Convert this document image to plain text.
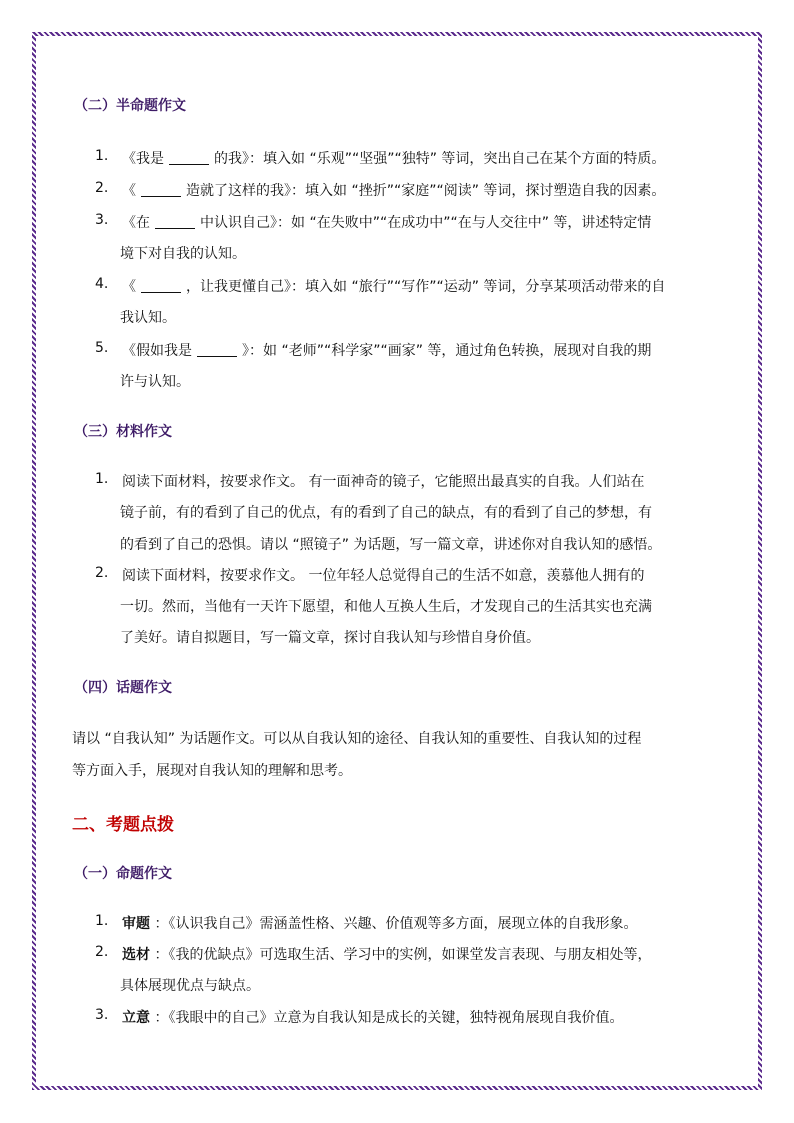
（二）半命题作文
1. 《我是	的我》：填入如 “乐观”“坚强”“独特” 等词，突出自己在某个方面的特质。
2. 《	造就了这样的我》：填入如 “挫折”“家庭”“阅读” 等词，探讨塑造自我的因素。
3. 《在	中认识自己》：如 “在失败中”“在成功中”“在与人交往中” 等，讲述特定情
境下对自我的认知。
4. 《	，让我更懂自己》：填入如 “旅行”“写作”“运动” 等词，分享某项活动带来的自
我认知。
5. 《假如我是	》：如 “老师”“科学家”“画家” 等，通过角色转换，展现对自我的期
许与认知。
（三）材料作文
1. 阅读下面材料，按要求作文。 有一面神奇的镜子，它能照出最真实的自我。人们站在
镜子前，有的看到了自己的优点，有的看到了自己的缺点，有的看到了自己的梦想，有
的看到了自己的恐惧。请以 “照镜子” 为话题，写一篇文章，讲述你对自我认知的感悟。
2. 阅读下面材料，按要求作文。 一位年轻人总觉得自己的生活不如意，羡慕他人拥有的
一切。然而，当他有一天许下愿望，和他人互换人生后，才发现自己的生活其实也充满
了美好。请自拟题目，写一篇文章，探讨自我认知与珍惜自身价值。
（四）话题作文
请以 “自我认知” 为话题作文。可以从自我认知的途径、自我认知的重要性、自我认知的过程
等方面入手，展现对自我认知的理解和思考。
二、考题点拨
（一）命题作文
1. 审题 ：《认识我自己》需涵盖性格、兴趣、价值观等多方面，展现立体的自我形象。
2. 选材 ：《我的优缺点》可选取生活、学习中的实例，如课堂发言表现、与朋友相处等，
具体展现优点与缺点。
3. 立意 ：《我眼中的自己》立意为自我认知是成长的关键，独特视角展现自我价值。
